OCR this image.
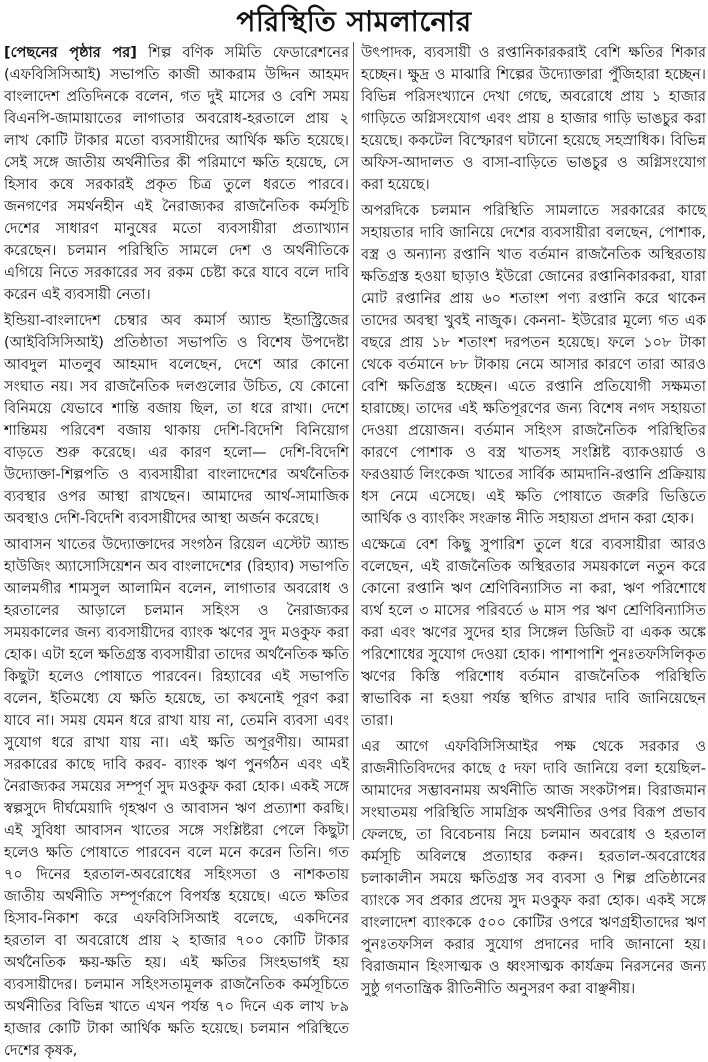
পরিস্থিতি সামলানোর

[পেছনের পৃষ্ঠার পর] শিল্প বণিক সমিতি ফেডারেশনের (এফবিসিসিআই) সভাপতি কাজী আকরাম উদ্দিন আহমদ বাংলাদেশ প্রতিদিনকে বলেন, গত দুই মাসের ও বেশি সময় বিএনপি-জামায়াতের লাগাতার অবরোধ-হরতালে প্রায় ২ লাখ কোটি টাকার মতো ব্যবসায়ীদের আর্থিক ক্ষতি হয়েছে। সেই সঙ্গে জাতীয় অর্থনীতির কী পরিমাণে ক্ষতি হয়েছে, সে হিসাব কষে সরকারই প্রকৃত চিত্র তুলে ধরতে পারবে। জনগণের সমর্থনহীন এই নৈরাজ্যকর রাজনৈতিক কর্মসূচি দেশের সাধারণ মানুষের মতো ব্যবসায়ীরা প্রত্যাখ্যান করেছেন। চলমান পরিস্থিতি সামলে দেশ ও অর্থনীতিকে এগিয়ে নিতে সরকারের সব রকম চেষ্টা করে যাবে বলে দাবি করেন এই ব্যবসায়ী নেতা।

ইন্ডিয়া-বাংলাদেশ চেম্বার অব কমার্স অ্যান্ড ইন্ডাস্ট্রিজের (আইবিসিসিআই) প্রতিষ্ঠাতা সভাপতি ও বিশেষ উপদেষ্টা আবদুল মাতলুব আহমাদ বলেছেন, দেশে আর কোনো সংঘাত নয়। সব রাজনৈতিক দলগুলোর উচিত, যে কোনো বিনিময়ে যেভাবে শান্তি বজায় ছিল, তা ধরে রাখা। দেশে শান্তিময় পরিবেশ বজায় থাকায় দেশি-বিদেশি বিনিয়োগ বাড়তে শুরু করেছে। এর কারণ হলো— দেশি-বিদেশি উদ্যোক্তা-শিল্পপতি ও ব্যবসায়ীরা বাংলাদেশের অর্থনৈতিক ব্যবস্থার ওপর আস্থা রাখছেন। আমাদের আর্থ-সামাজিক অবস্থাও দেশি-বিদেশি ব্যবসায়ীদের আস্থা অর্জন করেছে।

আবাসন খাতের উদ্যোক্তাদের সংগঠন রিয়েল এস্টেট অ্যান্ড হাউজিং অ্যাসোসিয়েশন অব বাংলাদেশের (রিহ্যাব) সভাপতি আলমগীর শামসুল আলামিন বলেন, লাগাতার অবরোধ ও হরতালের আড়ালে চলমান সহিংস ও নৈরাজ্যকর সময়কালের জন্য ব্যবসায়ীদের ব্যাংক ঋণের সুদ মওকুফ করা হোক। এটা হলে ক্ষতিগ্রস্ত ব্যবসায়ীরা তাদের অর্থনৈতিক ক্ষতি কিছুটা হলেও পোষাতে পারবেন। রিহ্যাবের এই সভাপতি বলেন, ইতিমধ্যে যে ক্ষতি হয়েছে, তা কখনোই পূরণ করা যাবে না। সময় যেমন ধরে রাখা যায় না, তেমনি ব্যবসা এবং সুযোগ ধরে রাখা যায় না। এই ক্ষতি অপূরণীয়। আমরা সরকারের কাছে দাবি করব- ব্যাংক ঋণ পুনর্গঠন এবং এই নৈরাজ্যকর সময়ের সম্পূর্ণ সুদ মওকুফ করা হোক। একই সঙ্গে স্বল্পসুদে দীর্ঘমেয়াদি গৃহঋণ ও আবাসন ঋণ প্রত্যাশা করছি। এই সুবিধা আবাসন খাতের সঙ্গে সংশ্লিষ্টরা পেলে কিছুটা হলেও ক্ষতি পোষাতে পারবেন বলে মনে করেন তিনি। গত ৭০ দিনের হরতাল-অবরোধের সহিংসতা ও নাশকতায় জাতীয় অর্থনীতি সম্পূর্ণরূপে বিপর্যস্ত হয়েছে। এতে ক্ষতির হিসাব-নিকাশ করে এফবিসিসিআই বলেছে, একদিনের হরতাল বা অবরোধে প্রায় ২ হাজার ৭০০ কোটি টাকার অর্থনৈতিক ক্ষয়-ক্ষতি হয়। এই ক্ষতির সিংহভাগই হয় ব্যবসায়ীদের। চলমান সহিংসতামূলক রাজনৈতিক কর্মসূচিতে অর্থনীতির বিভিন্ন খাতে এখন পর্যন্ত ৭০ দিনে এক লাখ ৮৯ হাজার কোটি টাকা আর্থিক ক্ষতি হয়েছে। চলমান পরিস্থিতে দেশের কৃষক,

উৎপাদক, ব্যবসায়ী ও রপ্তানিকারকরাই বেশি ক্ষতির শিকার হচ্ছেন। ক্ষুদ্র ও মাঝারি শিল্পের উদ্যোক্তারা পুঁজিহারা হচ্ছেন। বিভিন্ন পরিসংখ্যানে দেখা গেছে, অবরোধে প্রায় ১ হাজার গাড়িতে অগ্নিসংযোগ এবং প্রায় ৪ হাজার গাড়ি ভাঙচুর করা হয়েছে। ককটেল বিস্ফোরণ ঘটানো হয়েছে সহস্রাধিক। বিভিন্ন অফিস-আদালত ও বাসা-বাড়িতে ভাঙচুর ও অগ্নিসংযোগ করা হয়েছে।

অপরদিকে চলমান পরিস্থিতি সামলাতে সরকারের কাছে সহায়তার দাবি জানিয়ে দেশের ব্যবসায়ীরা বলছেন, পোশাক, বস্ত্র ও অন্যান্য রপ্তানি খাত বর্তমান রাজনৈতিক অস্থিরতায় ক্ষতিগ্রস্ত হওয়া ছাড়াও ইউরো জোনের রপ্তানিকারকরা, যারা মোট রপ্তানির প্রায় ৬০ শতাংশ পণ্য রপ্তানি করে থাকেন তাদের অবস্থা খুবই নাজুক। কেননা- ইউরোর মূল্যে গত এক বছরে প্রায় ১৮ শতাংশ দরপতন হয়েছে। ফলে ১০৮ টাকা থেকে বর্তমানে ৮৮ টাকায় নেমে আসার কারণে তারা আরও বেশি ক্ষতিগ্রস্ত হচ্ছেন। এতে রপ্তানি প্রতিযোগী সক্ষমতা হারাচ্ছে। তাদের এই ক্ষতিপূরণের জন্য বিশেষ নগদ সহায়তা দেওয়া প্রয়োজন। বর্তমান সহিংস রাজনৈতিক পরিস্থিতির কারণে পোশাক ও বস্ত্র খাতসহ সংশ্লিষ্ট ব্যাকওয়ার্ড ও ফরওয়ার্ড লিংকেজ খাতের সার্বিক আমদানি-রপ্তানি প্রক্রিয়ায় ধস নেমে এসেছে। এই ক্ষতি পোষাতে জরুরি ভিত্তিতে আর্থিক ও ব্যাংকিং সংক্রান্ত নীতি সহায়তা প্রদান করা হোক।

এক্ষেত্রে বেশ কিছু সুপারিশ তুলে ধরে ব্যবসায়ীরা আরও বলেছেন, এই রাজনৈতিক অস্থিরতার সময়কালে নতুন করে কোনো রপ্তানি ঋণ শ্রেণিবিন্যাসিত না করা, ঋণ পরিশোধে ব্যর্থ হলে ৩ মাসের পরিবর্তে ৬ মাস পর ঋণ শ্রেণিবিন্যাসিত করা এবং ঋণের সুদের হার সিঙ্গেল ডিজিট বা একক অঙ্কে পরিশোধের সুযোগ দেওয়া হোক। পাশাপাশি পুনঃতফসিলিকৃত ঋণের কিস্তি পরিশোধ বর্তমান রাজনৈতিক পরিস্থিতি স্বাভাবিক না হওয়া পর্যন্ত স্থগিত রাখার দাবি জানিয়েছেন তারা।

এর আগে এফবিসিসিআইর পক্ষ থেকে সরকার ও রাজনীতিবিদদের কাছে ৫ দফা দাবি জানিয়ে বলা হয়েছিল- আমাদের সম্ভাবনাময় অর্থনীতি আজ সংকটাপন্ন। বিরাজমান সংঘাতময় পরিস্থিতি সামগ্রিক অর্থনীতির ওপর বিরূপ প্রভাব ফেলছে, তা বিবেচনায় নিয়ে চলমান অবরোধ ও হরতাল কর্মসূচি অবিলম্বে প্রত্যাহার করুন। হরতাল-অবরোধের চলাকালীন সময়ে ক্ষতিগ্রস্ত সব ব্যবসা ও শিল্প প্রতিষ্ঠানের ব্যাংকে সব প্রকার প্রদেয় সুদ মওকুফ করা হোক। একই সঙ্গে বাংলাদেশ ব্যাংককে ৫০০ কোটির ওপরে ঋণগ্রহীতাদের ঋণ পুনঃতফসিল করার সুযোগ প্রদানের দাবি জানানো হয়। বিরাজমান হিংসাত্মক ও ধ্বংসাত্মক কার্যক্রম নিরসনের জন্য সুষ্ঠু গণতান্ত্রিক রীতিনীতি অনুসরণ করা বাঞ্ছনীয়।
